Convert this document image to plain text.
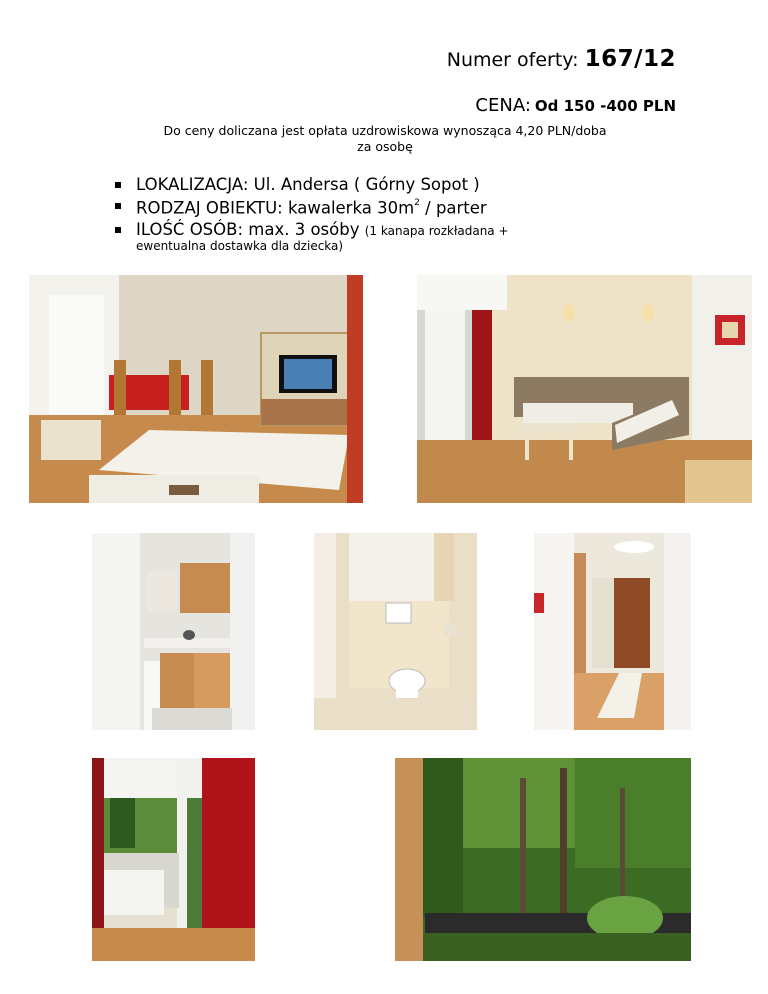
Numer oferty: 167/12
CENA: Od 150 -400 PLN
Do ceny doliczana jest opłata uzdrowiskowa wynosząca 4,20 PLN/doba
za osobę
LOKALIZACJA: Ul. Andersa ( Górny Sopot )
RODZAJ OBIEKTU: kawalerka $30m^2$ / parter
ILOŚĆ OSÓB: max. 3 osóby (1 kanapa rozkładana +
ewentualna dostawka dla dziecka)
